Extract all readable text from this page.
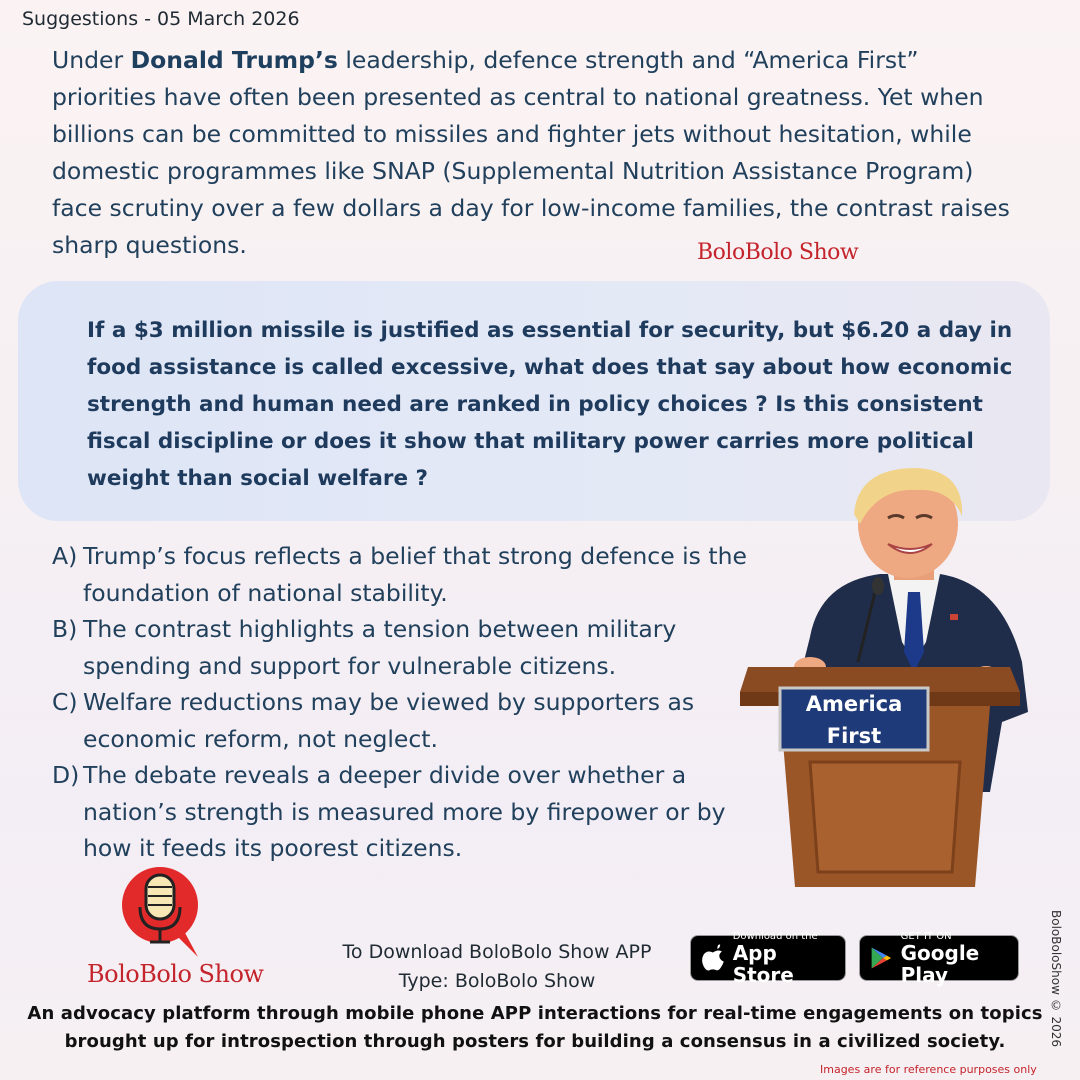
Suggestions - 05 March 2026
Under Donald Trump’s leadership, defence strength and “America First” priorities have often been presented as central to national greatness. Yet when billions can be committed to missiles and fighter jets without hesitation, while domestic programmes like SNAP (Supplemental Nutrition Assistance Program) face scrutiny over a few dollars a day for low-income families, the contrast raises sharp questions.	BoloBolo Show
If a $3 million missile is justified as essential for security, but $6.20 a day in food assistance is called excessive, what does that say about how economic strength and human need are ranked in policy choices ? Is this consistent fiscal discipline or does it show that military power carries more political weight than social welfare ?
A) Trump’s focus reflects a belief that strong defence is the foundation of national stability.
B) The contrast highlights a tension between military spending and support for vulnerable citizens.
C) Welfare reductions may be viewed by supporters as economic reform, not neglect.
D) The debate reveals a deeper divide over whether a nation’s strength is measured more by firepower or by how it feeds its poorest citizens.
America
First
BoloBolo Show
To Download BoloBolo Show APP
Type: BoloBolo Show
Download on the
App Store
GET IT ON
Google Play
An advocacy platform through mobile phone APP interactions for real-time engagements on topics
brought up for introspection through posters for building a consensus in a civilized society.
Images are for reference purposes only
BoloBoloShow © 2026
